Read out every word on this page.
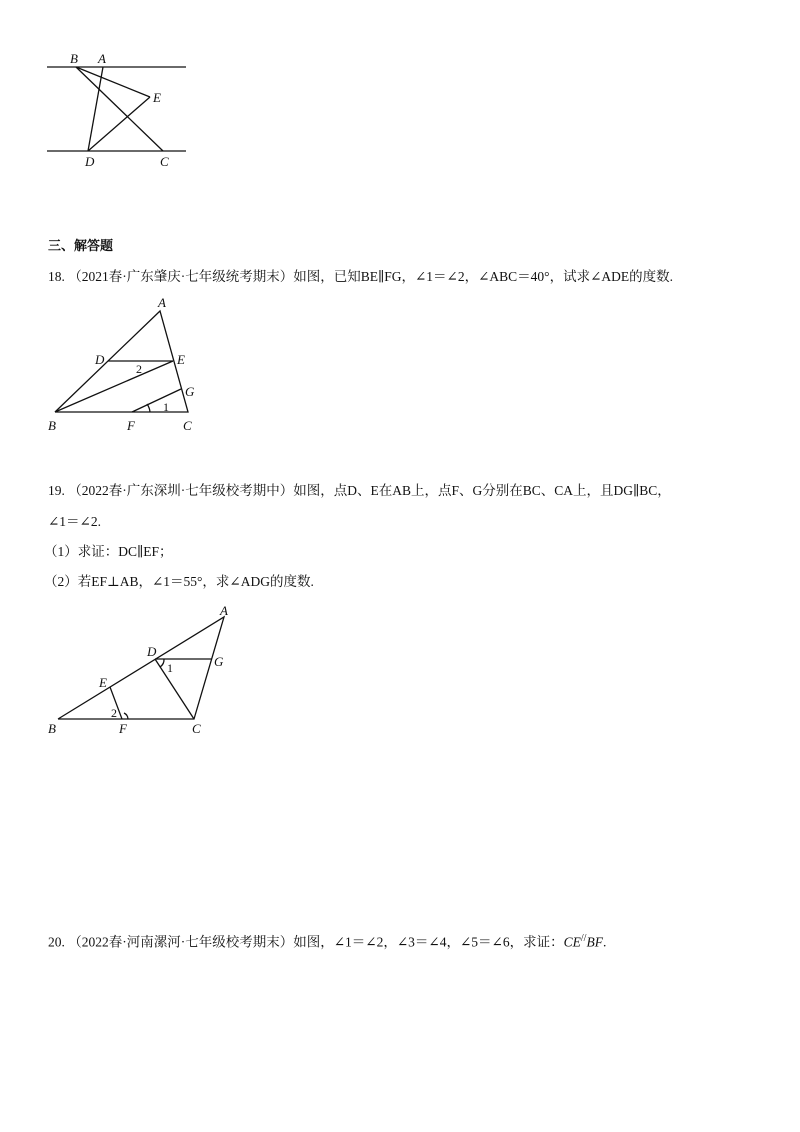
B A
E
D	C
三、解答题
18. （2021春·广东肇庆·七年级统考期末）如图，已知BE∥FG，∠1＝∠2，∠ABC＝40°，试求∠ADE的度数.
A
D	E
G
B	F	C
2
1
19. （2022春·广东深圳·七年级校考期中）如图，点D、E在AB上，点F、G分别在BC、CA上，且DG∥BC，
∠1＝∠2.
（1）求证：DC∥EF；
（2）若EF⊥AB，∠1＝55°，求∠ADG的度数.
A
D
G
E
B	F	C
1
2
20. （2022春·河南漯河·七年级校考期末）如图，∠1＝∠2，∠3＝∠4，∠5＝∠6，求证：CE//BF.
